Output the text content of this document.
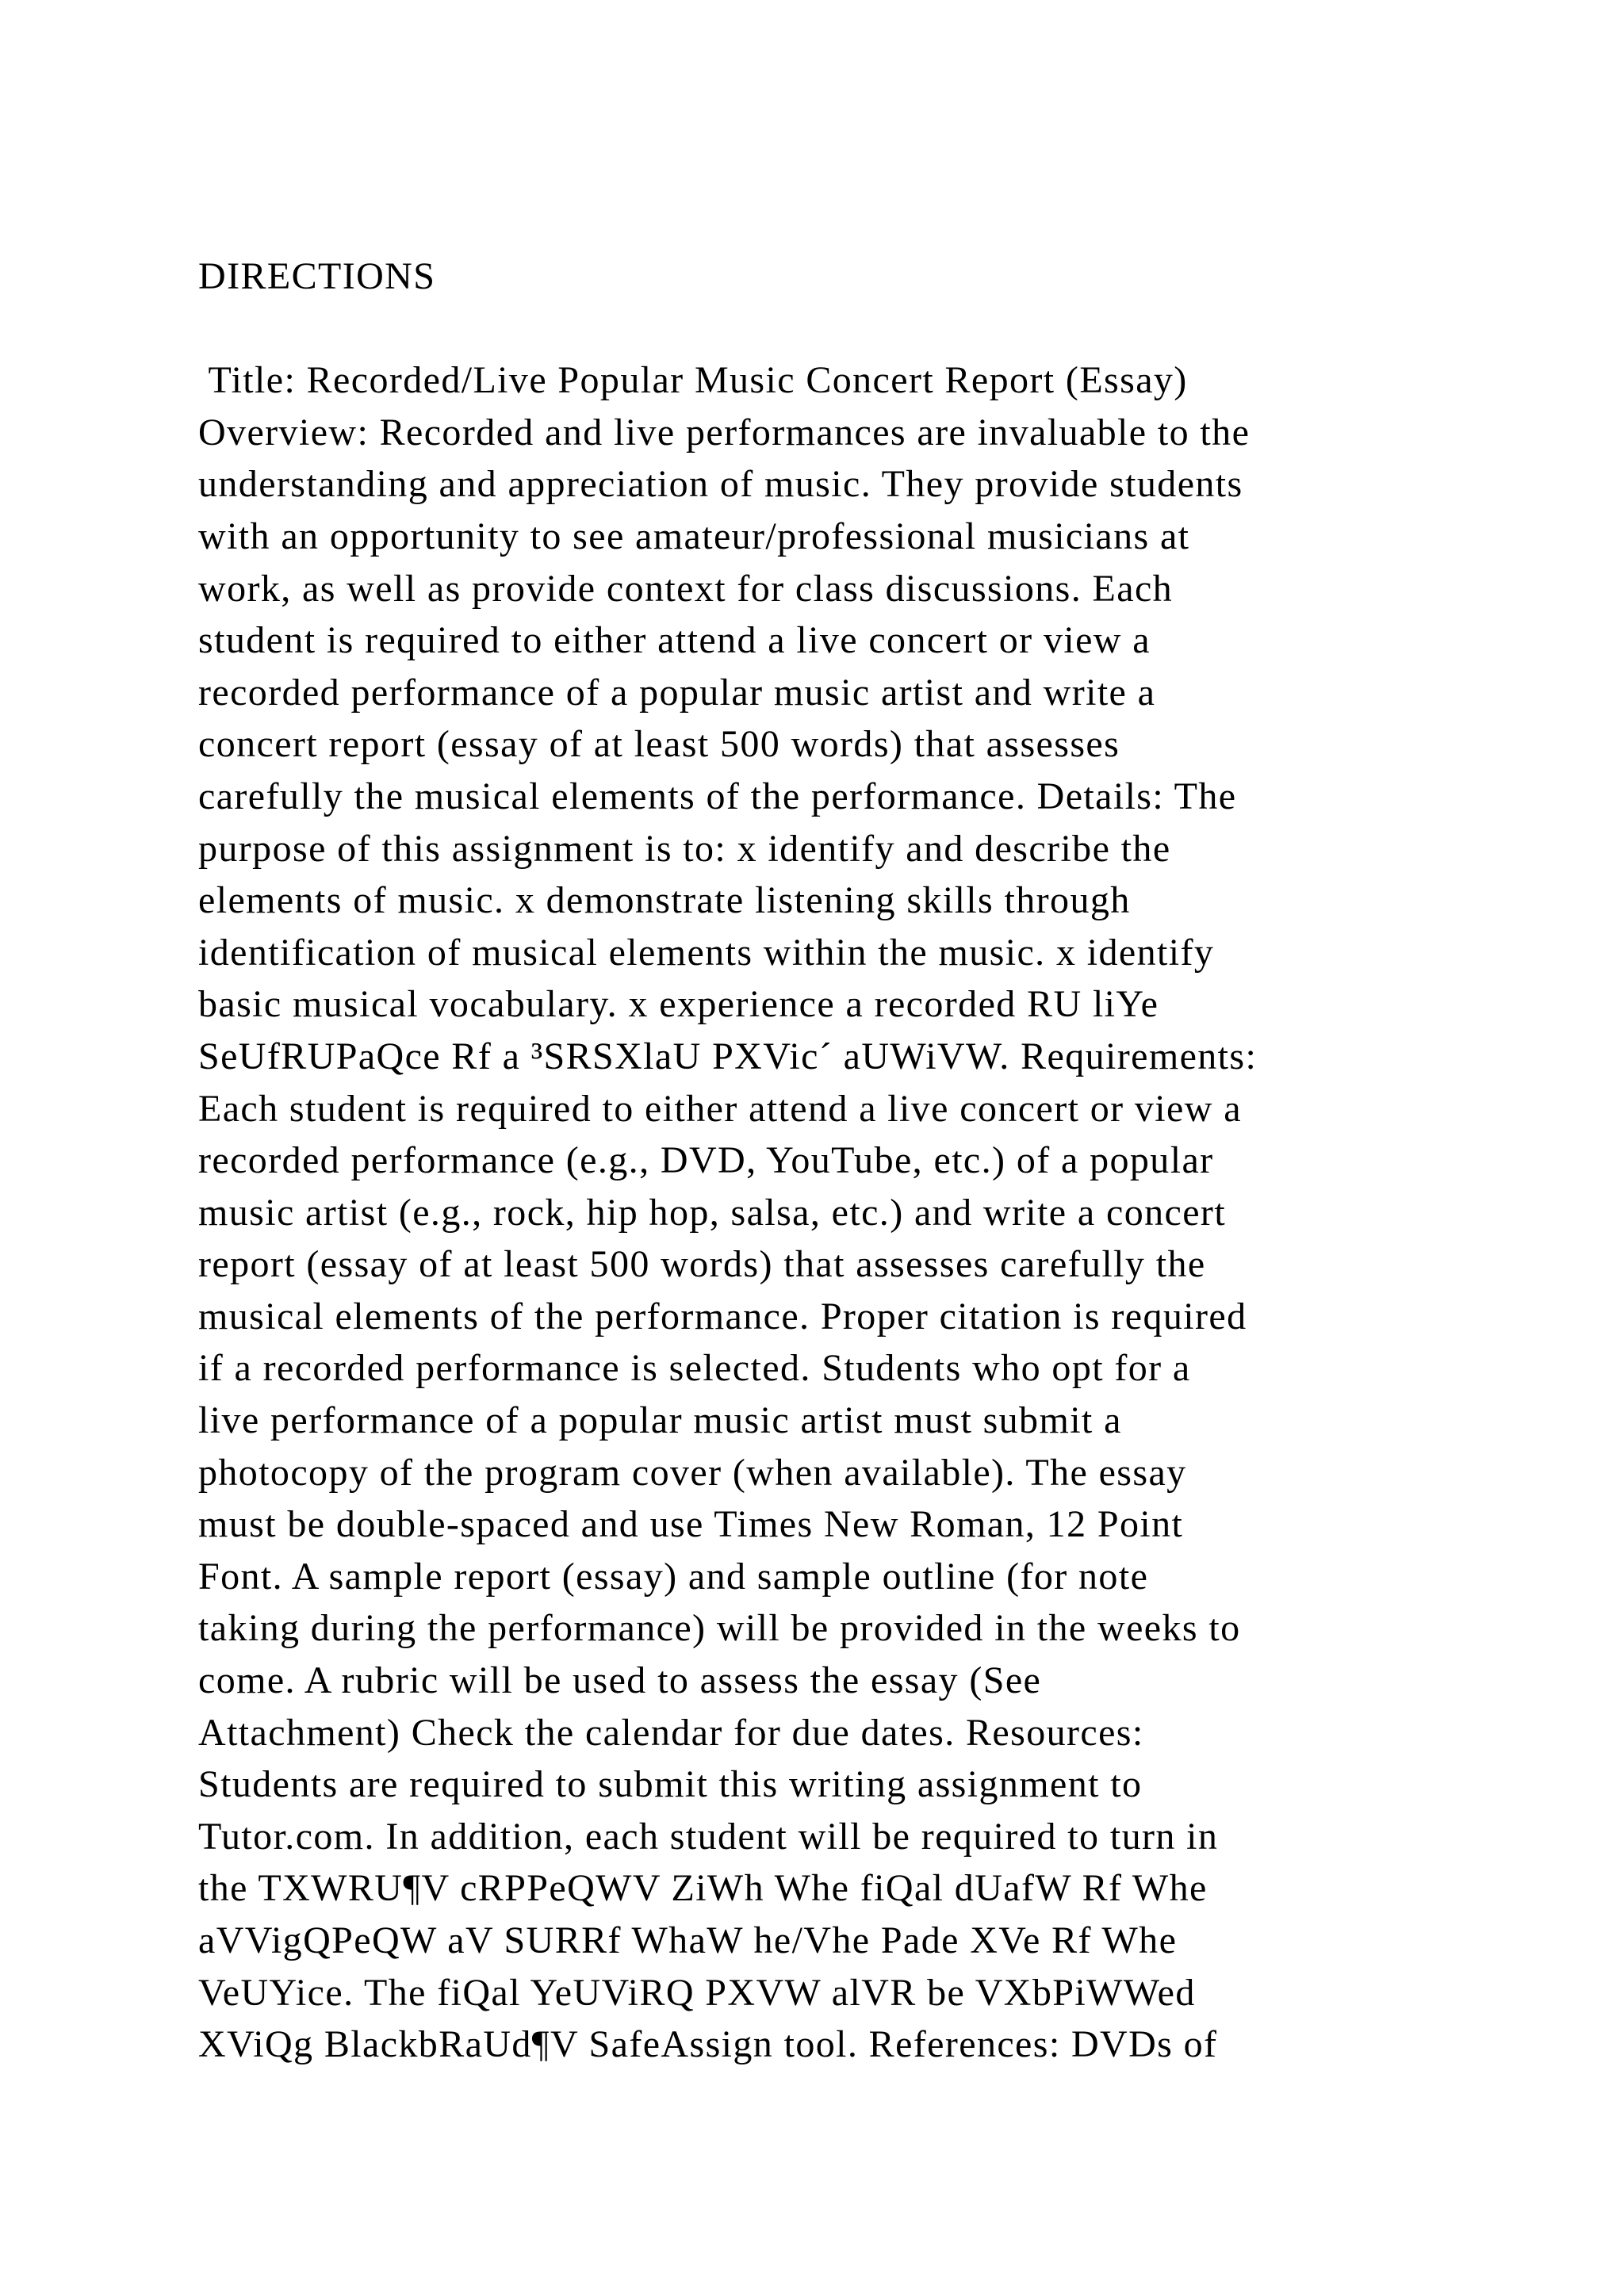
DIRECTIONS
Title: Recorded/Live Popular Music Concert Report (Essay)
Overview: Recorded and live performances are invaluable to the
understanding and appreciation of music. They provide students
with an opportunity to see amateur/professional musicians at
work, as well as provide context for class discussions. Each
student is required to either attend a live concert or view a
recorded performance of a popular music artist and write a
concert report (essay of at least 500 words) that assesses
carefully the musical elements of the performance. Details: The
purpose of this assignment is to: x identify and describe the
elements of music. x demonstrate listening skills through
identification of musical elements within the music. x identify
basic musical vocabulary. x experience a recorded RU liYe
SeUfRUPaQce Rf a ³SRSXlaU PXVic´ aUWiVW. Requirements:
Each student is required to either attend a live concert or view a
recorded performance (e.g., DVD, YouTube, etc.) of a popular
music artist (e.g., rock, hip hop, salsa, etc.) and write a concert
report (essay of at least 500 words) that assesses carefully the
musical elements of the performance. Proper citation is required
if a recorded performance is selected. Students who opt for a
live performance of a popular music artist must submit a
photocopy of the program cover (when available). The essay
must be double-spaced and use Times New Roman, 12 Point
Font. A sample report (essay) and sample outline (for note
taking during the performance) will be provided in the weeks to
come. A rubric will be used to assess the essay (See
Attachment) Check the calendar for due dates. Resources:
Students are required to submit this writing assignment to
Tutor.com. In addition, each student will be required to turn in
the TXWRU¶V cRPPeQWV ZiWh Whe fiQal dUafW Rf Whe
aVVigQPeQW aV SURRf WhaW he/Vhe Pade XVe Rf Whe
VeUYice. The fiQal YeUViRQ PXVW alVR be VXbPiWWed
XViQg BlackbRaUd¶V SafeAssign tool. References: DVDs of
